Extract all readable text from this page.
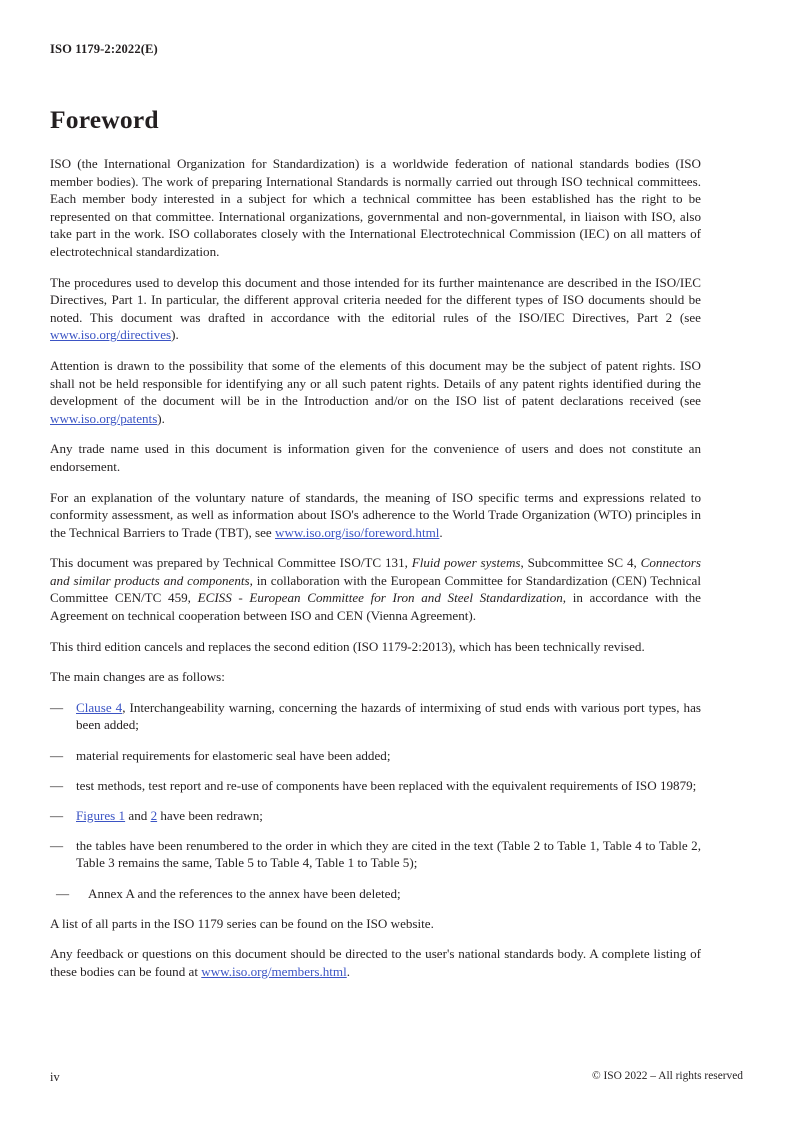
ISO 1179-2:2022(E)
Foreword

ISO (the International Organization for Standardization) is a worldwide federation of national standards bodies (ISO member bodies). The work of preparing International Standards is normally carried out through ISO technical committees. Each member body interested in a subject for which a technical committee has been established has the right to be represented on that committee. International organizations, governmental and non-governmental, in liaison with ISO, also take part in the work. ISO collaborates closely with the International Electrotechnical Commission (IEC) on all matters of electrotechnical standardization.

The procedures used to develop this document and those intended for its further maintenance are described in the ISO/IEC Directives, Part 1. In particular, the different approval criteria needed for the different types of ISO documents should be noted. This document was drafted in accordance with the editorial rules of the ISO/IEC Directives, Part 2 (see www.iso.org/directives).

Attention is drawn to the possibility that some of the elements of this document may be the subject of patent rights. ISO shall not be held responsible for identifying any or all such patent rights. Details of any patent rights identified during the development of the document will be in the Introduction and/or on the ISO list of patent declarations received (see www.iso.org/patents).

Any trade name used in this document is information given for the convenience of users and does not constitute an endorsement.

For an explanation of the voluntary nature of standards, the meaning of ISO specific terms and expressions related to conformity assessment, as well as information about ISO's adherence to the World Trade Organization (WTO) principles in the Technical Barriers to Trade (TBT), see www.iso.org/iso/foreword.html.

This document was prepared by Technical Committee ISO/TC 131, Fluid power systems, Subcommittee SC 4, Connectors and similar products and components, in collaboration with the European Committee for Standardization (CEN) Technical Committee CEN/TC 459, ECISS - European Committee for Iron and Steel Standardization, in accordance with the Agreement on technical cooperation between ISO and CEN (Vienna Agreement).

This third edition cancels and replaces the second edition (ISO 1179-2:2013), which has been technically revised.

The main changes are as follows:

— Clause 4, Interchangeability warning, concerning the hazards of intermixing of stud ends with various port types, has been added;
— material requirements for elastomeric seal have been added;
— test methods, test report and re-use of components have been replaced with the equivalent requirements of ISO 19879;
— Figures 1 and 2 have been redrawn;
— the tables have been renumbered to the order in which they are cited in the text (Table 2 to Table 1, Table 4 to Table 2, Table 3 remains the same, Table 5 to Table 4, Table 1 to Table 5);
— Annex A and the references to the annex have been deleted;

A list of all parts in the ISO 1179 series can be found on the ISO website.

Any feedback or questions on this document should be directed to the user's national standards body. A complete listing of these bodies can be found at www.iso.org/members.html.

iv	© ISO 2022 – All rights reserved
